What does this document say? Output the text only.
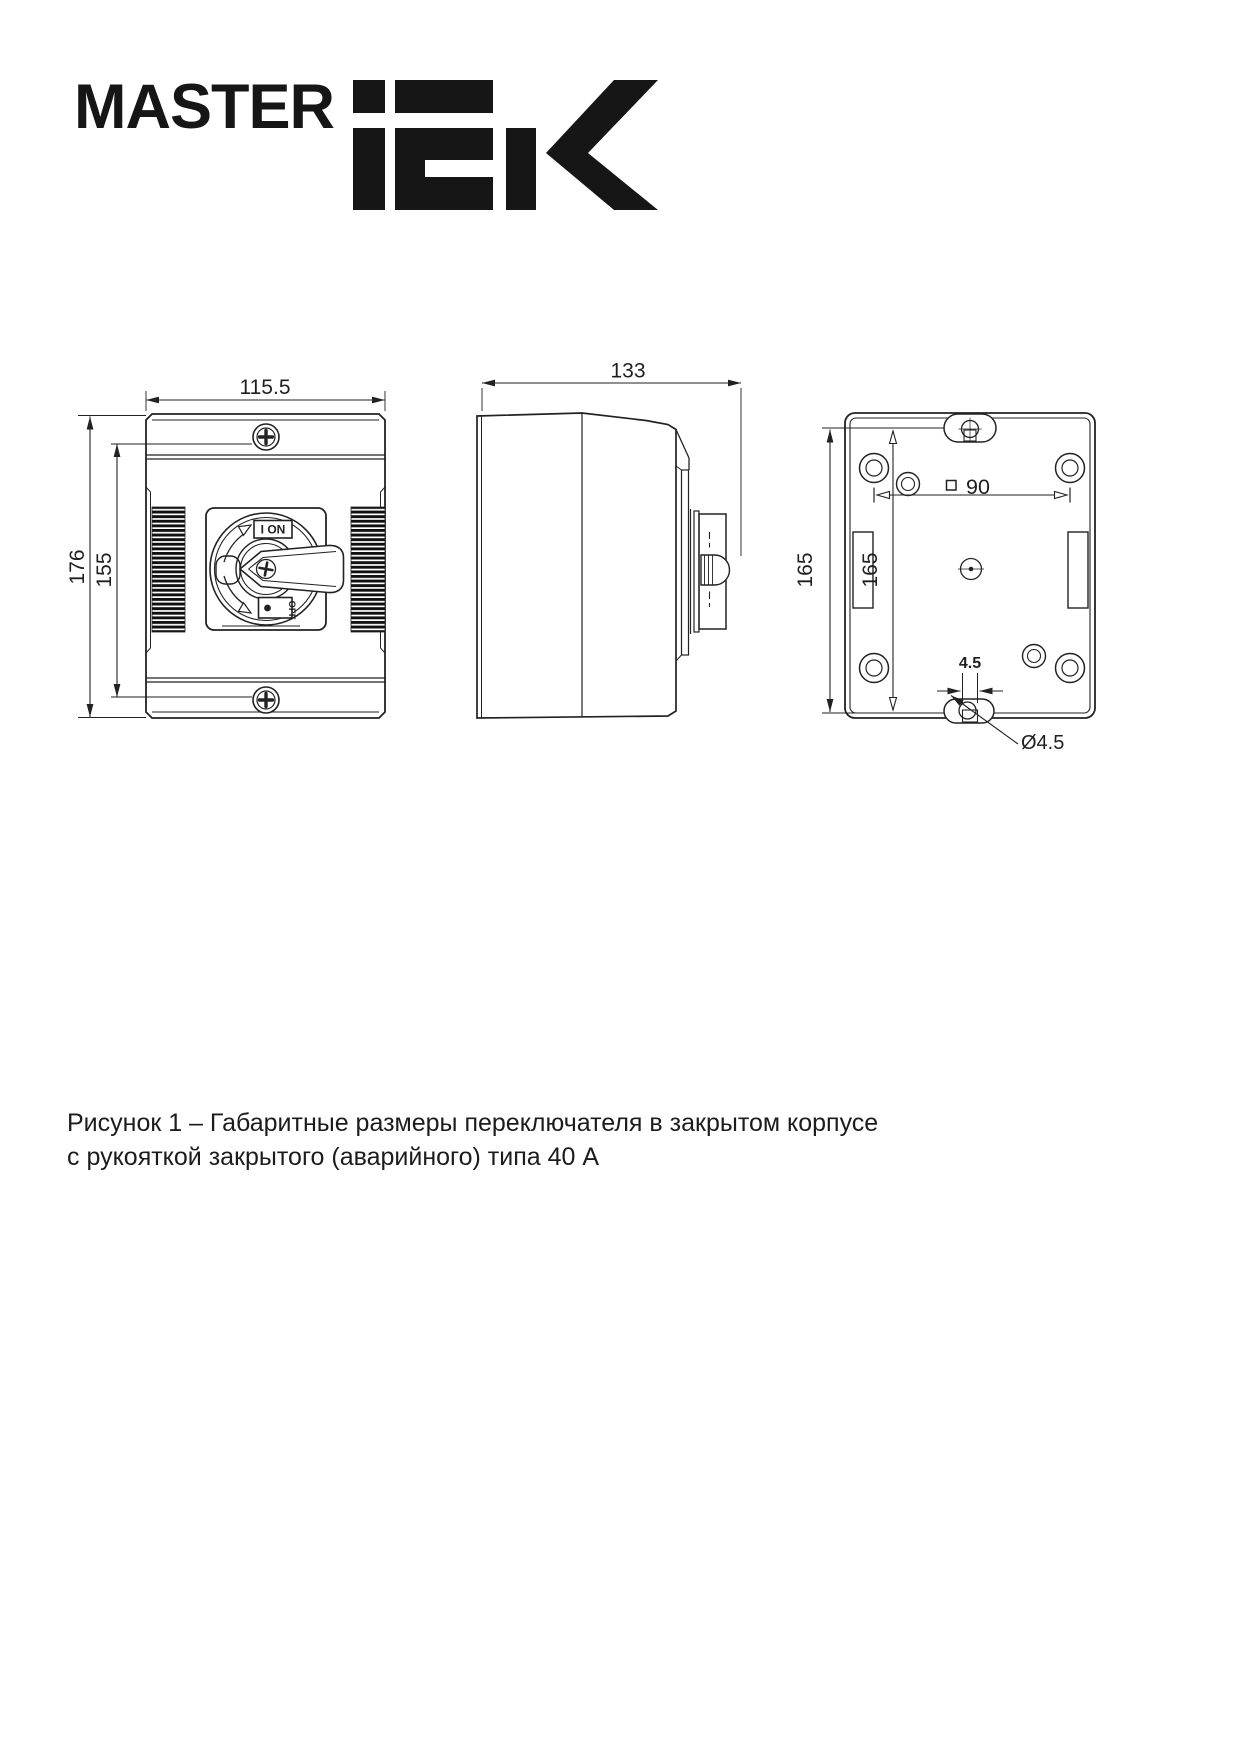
MASTER
115.5
176 155
I ON
OFF
133
165 165
90
4.5
Ø4.5
Рисунок 1 – Габаритные размеры переключателя в закрытом корпусе
с рукояткой закрытого (аварийного) типа 40 А
